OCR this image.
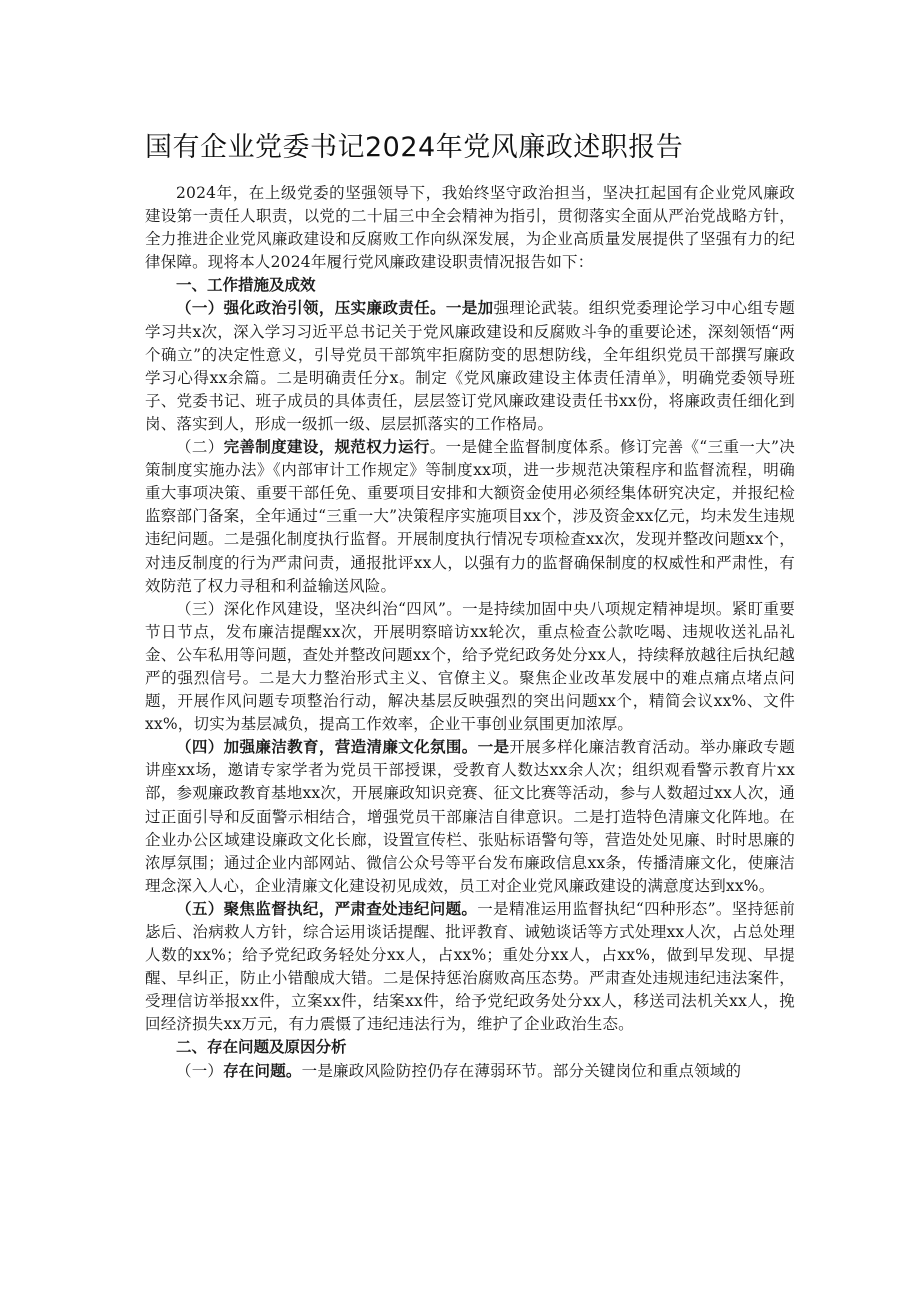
国有企业党委书记2024年党风廉政述职报告

2024年，在上级党委的坚强领导下，我始终坚守政治担当，坚决扛起国有企业党风廉政建设第一责任人职责，以党的二十届三中全会精神为指引，贯彻落实全面从严治党战略方针，全力推进企业党风廉政建设和反腐败工作向纵深发展，为企业高质量发展提供了坚强有力的纪律保障。现将本人2024年履行党风廉政建设职责情况报告如下：

一、工作措施及成效

（一）强化政治引领，压实廉政责任。一是加强理论武装。组织党委理论学习中心组专题学习共x次，深入学习习近平总书记关于党风廉政建设和反腐败斗争的重要论述，深刻领悟“两个确立”的决定性意义，引导党员干部筑牢拒腐防变的思想防线，全年组织党员干部撰写廉政学习心得xx余篇。二是明确责任分x。制定《党风廉政建设主体责任清单》，明确党委领导班子、党委书记、班子成员的具体责任，层层签订党风廉政建设责任书xx份，将廉政责任细化到岗、落实到人，形成一级抓一级、层层抓落实的工作格局。

（二）完善制度建设，规范权力运行。一是健全监督制度体系。修订完善《“三重一大”决策制度实施办法》《内部审计工作规定》等制度xx项，进一步规范决策程序和监督流程，明确重大事项决策、重要干部任免、重要项目安排和大额资金使用必须经集体研究决定，并报纪检监察部门备案，全年通过“三重一大”决策程序实施项目xx个，涉及资金xx亿元，均未发生违规违纪问题。二是强化制度执行监督。开展制度执行情况专项检查xx次，发现并整改问题xx个，对违反制度的行为严肃问责，通报批评xx人，以强有力的监督确保制度的权威性和严肃性，有效防范了权力寻租和利益输送风险。

（三）深化作风建设，坚决纠治“四风”。一是持续加固中央八项规定精神堤坝。紧盯重要节日节点，发布廉洁提醒xx次，开展明察暗访xx轮次，重点检查公款吃喝、违规收送礼品礼金、公车私用等问题，查处并整改问题xx个，给予党纪政务处分xx人，持续释放越往后执纪越严的强烈信号。二是大力整治形式主义、官僚主义。聚焦企业改革发展中的难点痛点堵点问题，开展作风问题专项整治行动，解决基层反映强烈的突出问题xx个，精简会议xx%、文件xx%，切实为基层减负，提高工作效率，企业干事创业氛围更加浓厚。

（四）加强廉洁教育，营造清廉文化氛围。一是开展多样化廉洁教育活动。举办廉政专题讲座xx场，邀请专家学者为党员干部授课，受教育人数达xx余人次；组织观看警示教育片xx部，参观廉政教育基地xx次，开展廉政知识竞赛、征文比赛等活动，参与人数超过xx人次，通过正面引导和反面警示相结合，增强党员干部廉洁自律意识。二是打造特色清廉文化阵地。在企业办公区域建设廉政文化长廊，设置宣传栏、张贴标语警句等，营造处处见廉、时时思廉的浓厚氛围；通过企业内部网站、微信公众号等平台发布廉政信息xx条，传播清廉文化，使廉洁理念深入人心，企业清廉文化建设初见成效，员工对企业党风廉政建设的满意度达到xx%。

（五）聚焦监督执纪，严肃查处违纪问题。一是精准运用监督执纪“四种形态”。坚持惩前毖后、治病救人方针，综合运用谈话提醒、批评教育、诫勉谈话等方式处理xx人次，占总处理人数的xx%；给予党纪政务轻处分xx人，占xx%；重处分xx人，占xx%，做到早发现、早提醒、早纠正，防止小错酿成大错。二是保持惩治腐败高压态势。严肃查处违规违纪违法案件，受理信访举报xx件，立案xx件，结案xx件，给予党纪政务处分xx人，移送司法机关xx人，挽回经济损失xx万元，有力震慑了违纪违法行为，维护了企业政治生态。

二、存在问题及原因分析

（一）存在问题。一是廉政风险防控仍存在薄弱环节。部分关键岗位和重点领域的
